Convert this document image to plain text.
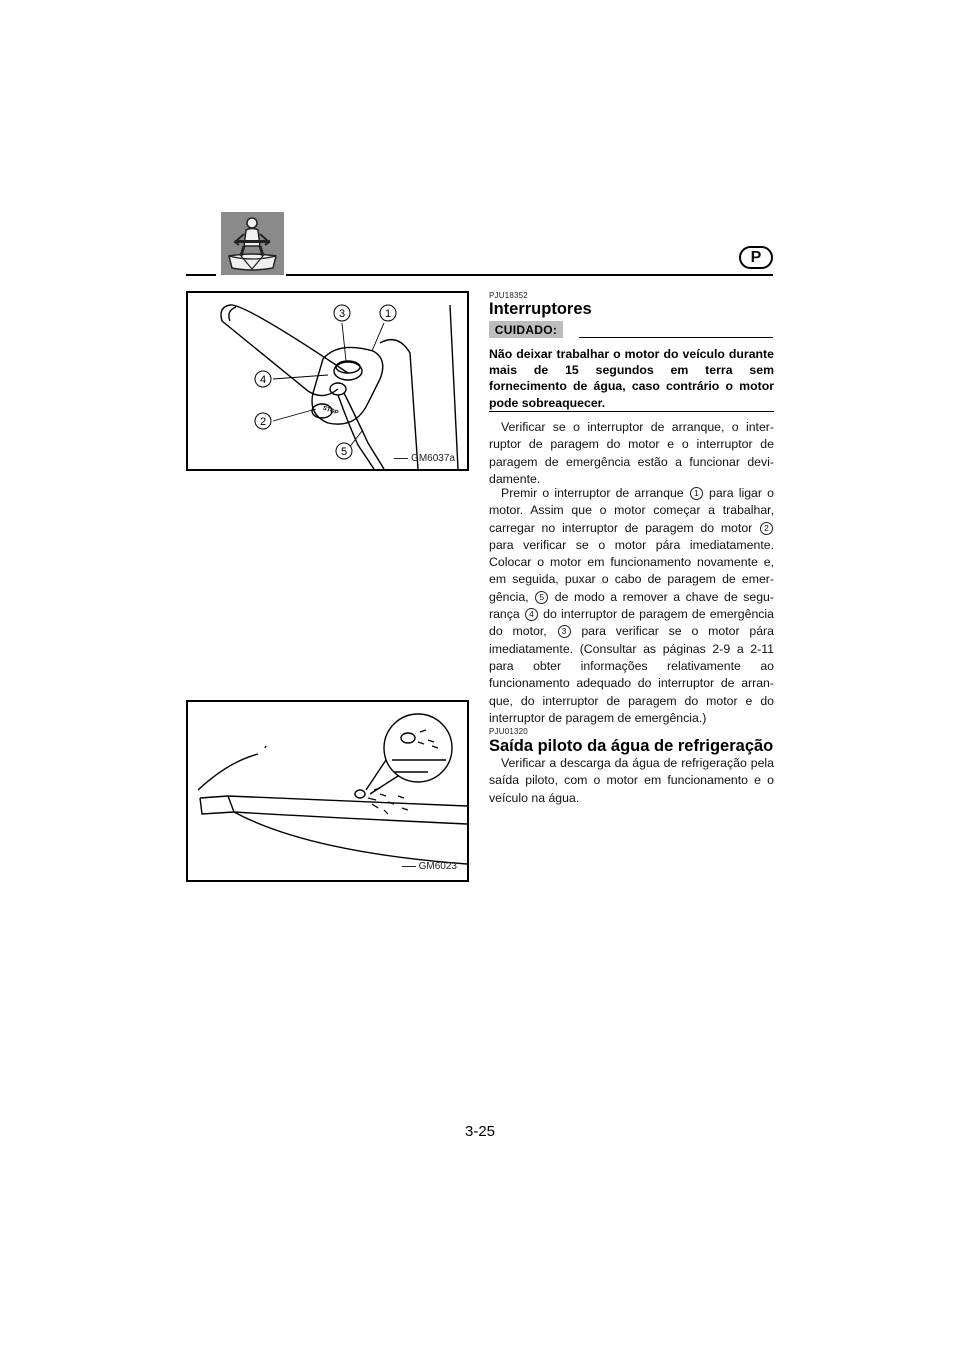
P
3	1
4
2
5
STOP
GM6037a
GM6023
PJU18352
Interruptores
CUIDADO:
Não deixar trabalhar o motor do veículo durante mais de 15 segundos em terra sem fornecimento de água, caso contrário o motor pode sobreaquecer.
Verificar se o interruptor de arranque, o inter-ruptor de paragem do motor e o interruptor de paragem de emergência estão a funcionar devi-damente.
Premir o interruptor de arranque 1 para ligar o motor. Assim que o motor começar a trabalhar, carregar no interruptor de paragem do motor 2 para verificar se o motor pára imediatamente. Colocar o motor em funcionamento novamente e, em seguida, puxar o cabo de paragem de emer-gência, 5 de modo a remover a chave de segu-rança 4 do interruptor de paragem de emergência do motor, 3 para verificar se o motor pára imediatamente. (Consultar as páginas 2-9 a 2-11 para obter informações relativamente ao funcionamento adequado do interruptor de arran-que, do interruptor de paragem do motor e do interruptor de paragem de emergência.)
PJU01320
Saída piloto da água de refrigeração
Verificar a descarga da água de refrigeração pela saída piloto, com o motor em funcionamento e o veículo na água.
3-25
